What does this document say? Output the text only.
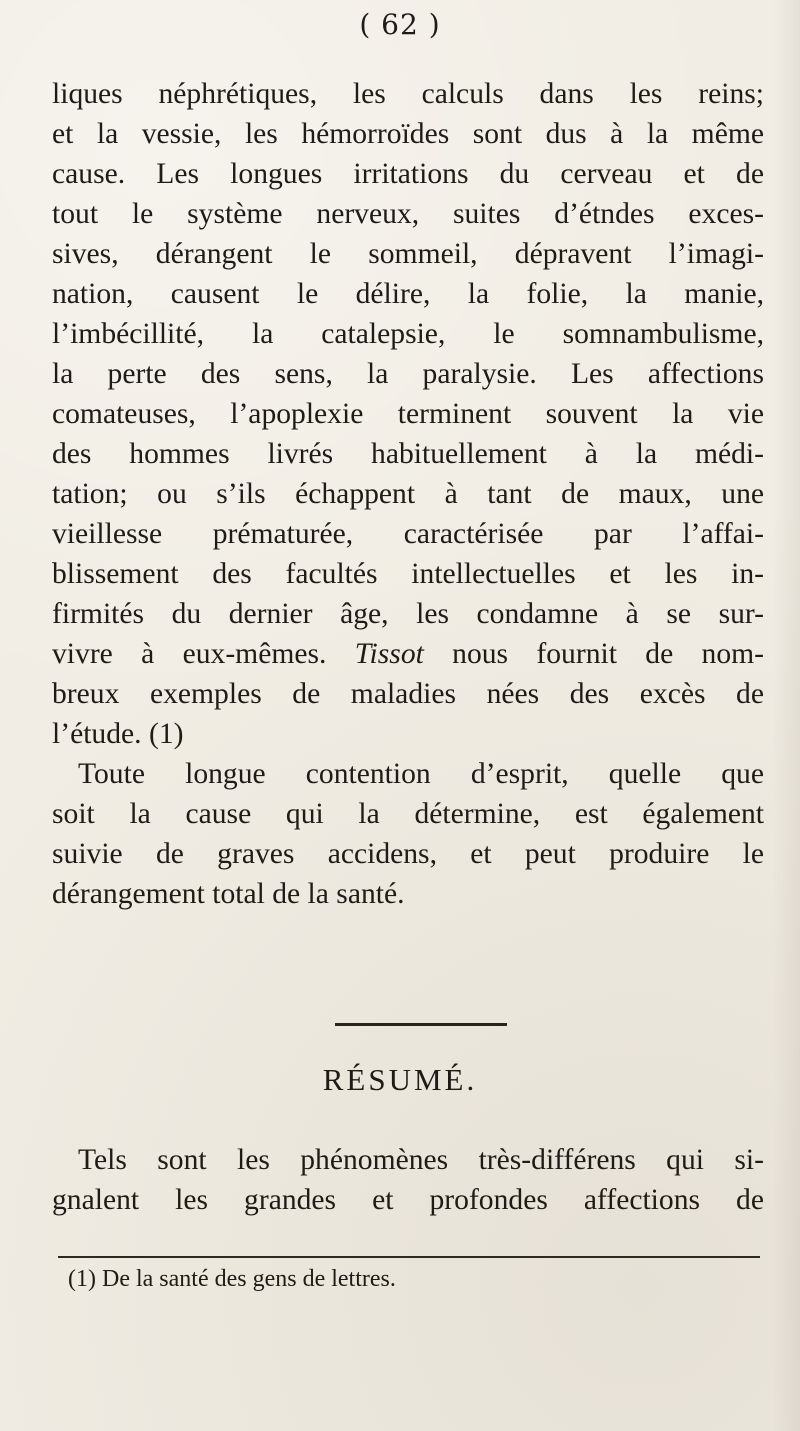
( 62 )
liques néphrétiques, les calculs dans les reins;
et la vessie, les hémorroïdes sont dus à la même
cause. Les longues irritations du cerveau et de
tout le système nerveux, suites d’étndes exces-
sives, dérangent le sommeil, dépravent l’imagi-
nation, causent le délire, la folie, la manie,
l’imbécillité, la catalepsie, le somnambulisme,
la perte des sens, la paralysie. Les affections
comateuses, l’apoplexie terminent souvent la vie
des hommes livrés habituellement à la médi-
tation; ou s’ils échappent à tant de maux, une
vieillesse prématurée, caractérisée par l’affai-
blissement des facultés intellectuelles et les in-
firmités du dernier âge, les condamne à se sur-
vivre à eux-mêmes. Tissot nous fournit de nom-
breux exemples de maladies nées des excès de
l’étude. (1)
Toute longue contention d’esprit, quelle que
soit la cause qui la détermine, est également
suivie de graves accidens, et peut produire le
dérangement total de la santé.
RÉSUMÉ.
Tels sont les phénomènes très-différens qui si-
gnalent les grandes et profondes affections de
(1) De la santé des gens de lettres.
